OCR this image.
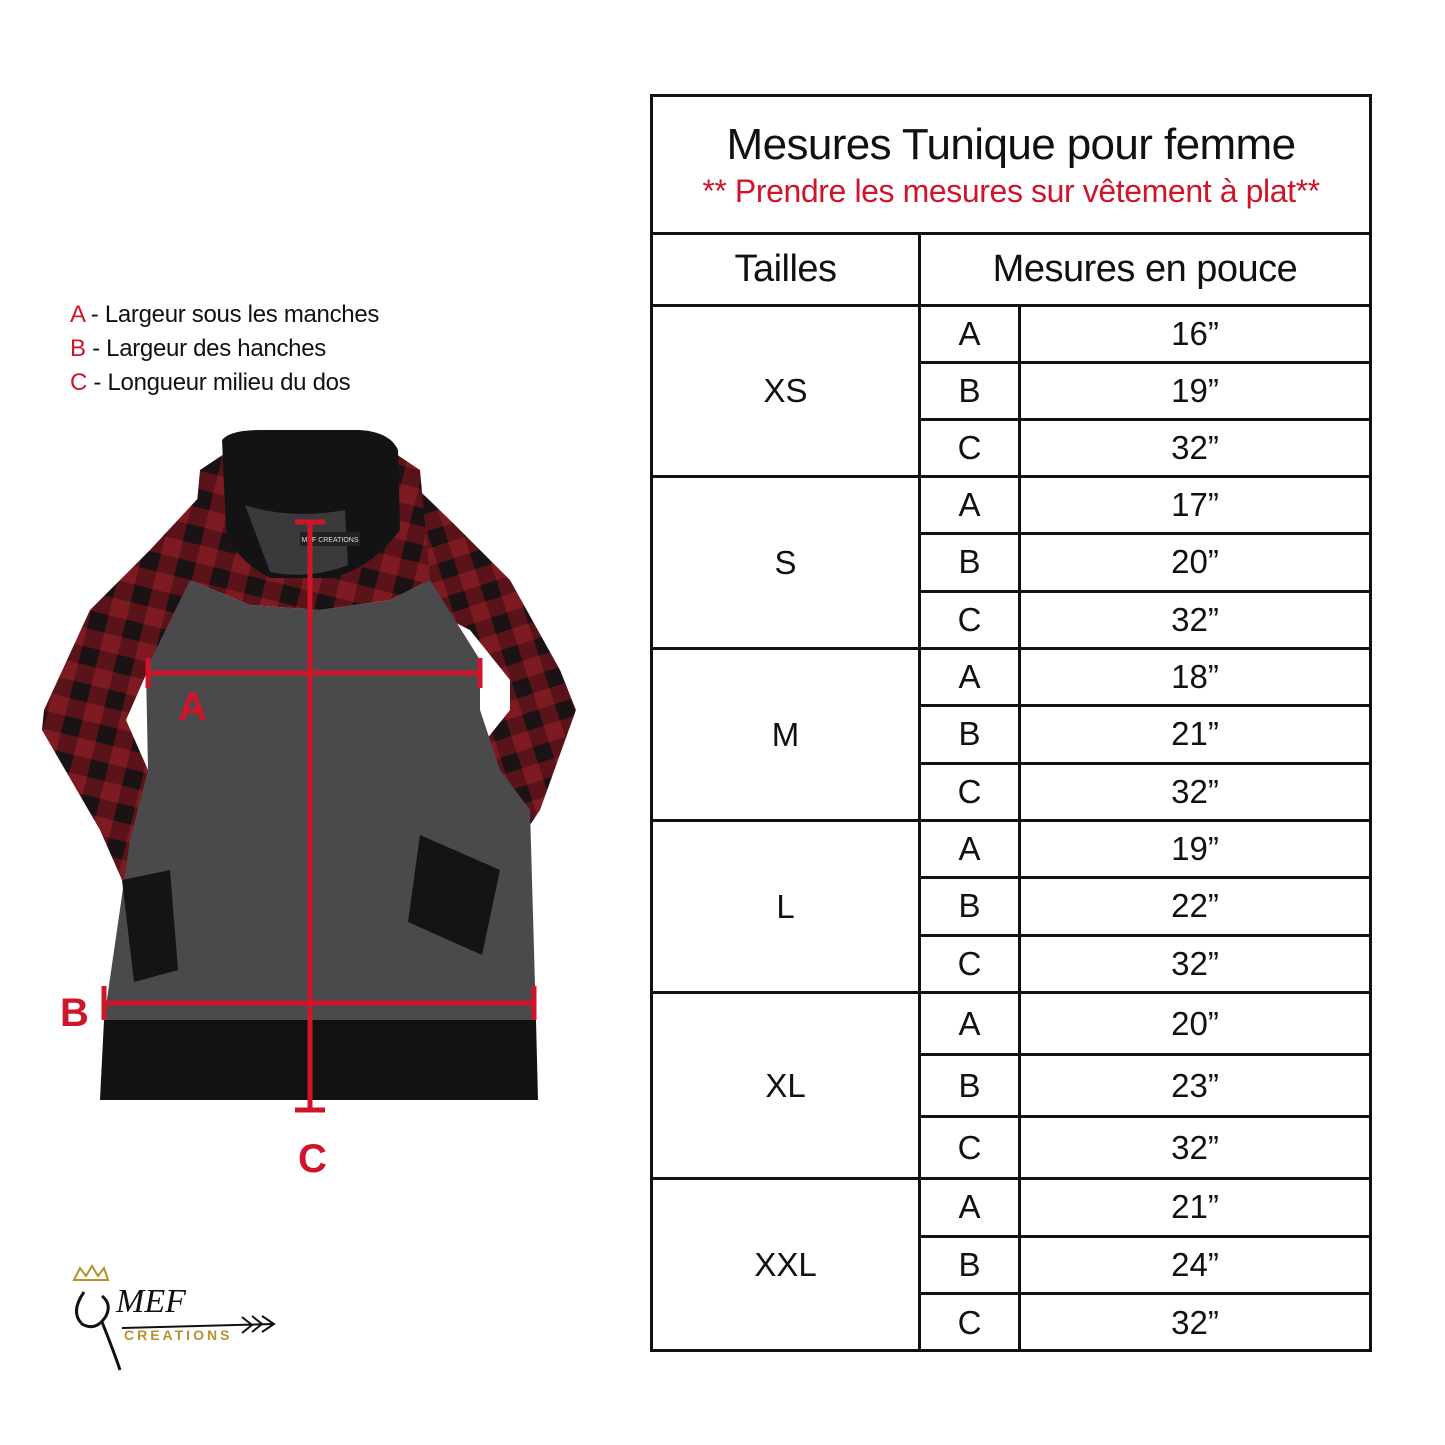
A - Largeur sous les manches
B - Largeur des hanches
C - Longueur milieu du dos
MEF CREATIONS
A
B
C
MEF
CREATIONS
Mesures Tunique pour femme
** Prendre les mesures sur vêtement à plat**
Tailles	Mesures en pouce
XS
A	16”
B	19”
C	32”
S
A	17”
B	20”
C	32”
M
A	18”
B	21”
C	32”
L
A	19”
B	22”
C	32”
XL
A	20”
B	23”
C	32”
XXL
A	21”
B	24”
C	32”
